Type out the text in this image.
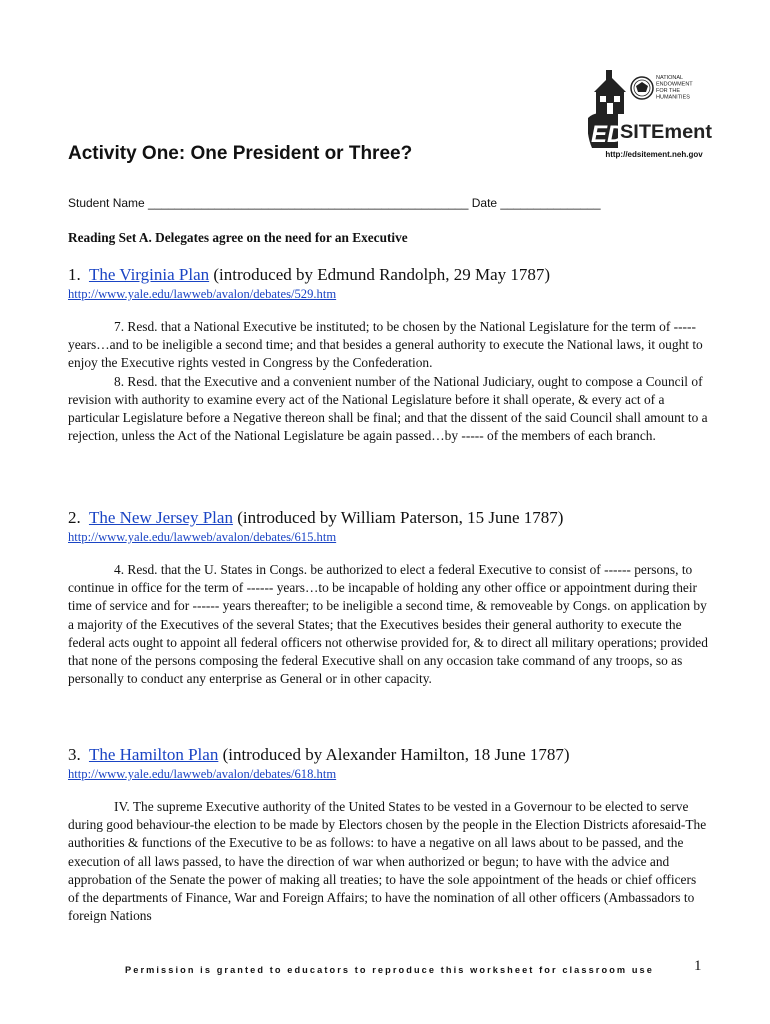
NATIONAL
ENDOWMENT
FOR THE
HUMANITIES
ED
SITEment
http://edsitement.neh.gov
Activity One: One President or Three?
Student Name ________________________________________________ Date _______________
Reading Set A. Delegates agree on the need for an Executive
1. The Virginia Plan (introduced by Edmund Randolph, 29 May 1787)
http://www.yale.edu/lawweb/avalon/debates/529.htm

7. Resd. that a National Executive be instituted; to be chosen by the National Legislature for the term of ----- years…and to be ineligible a second time; and that besides a general authority to execute the National laws, it ought to enjoy the Executive rights vested in Congress by the Confederation.

8. Resd. that the Executive and a convenient number of the National Judiciary, ought to compose a Council of revision with authority to examine every act of the National Legislature before it shall operate, & every act of a particular Legislature before a Negative thereon shall be final; and that the dissent of the said Council shall amount to a rejection, unless the Act of the National Legislature be again passed…by ----- of the members of each branch.

2. The New Jersey Plan (introduced by William Paterson, 15 June 1787)
http://www.yale.edu/lawweb/avalon/debates/615.htm

4. Resd. that the U. States in Congs. be authorized to elect a federal Executive to consist of ------ persons, to continue in office for the term of ------ years…to be incapable of holding any other office or appointment during their time of service and for ------ years thereafter; to be ineligible a second time, & removeable by Congs. on application by a majority of the Executives of the several States; that the Executives besides their general authority to execute the federal acts ought to appoint all federal officers not otherwise provided for, & to direct all military operations; provided that none of the persons composing the federal Executive shall on any occasion take command of any troops, so as personally to conduct any enterprise as General or in other capacity.

3. The Hamilton Plan (introduced by Alexander Hamilton, 18 June 1787)
http://www.yale.edu/lawweb/avalon/debates/618.htm

IV. The supreme Executive authority of the United States to be vested in a Governour to be elected to serve during good behaviour-the election to be made by Electors chosen by the people in the Election Districts aforesaid-The authorities & functions of the Executive to be as follows: to have a negative on all laws about to be passed, and the execution of all laws passed, to have the direction of war when authorized or begun; to have with the advice and approbation of the Senate the power of making all treaties; to have the sole appointment of the heads or chief officers of the departments of Finance, War and Foreign Affairs; to have the nomination of all other officers (Ambassadors to foreign Nations

Permission is granted to educators to reproduce this worksheet for classroom use	1
